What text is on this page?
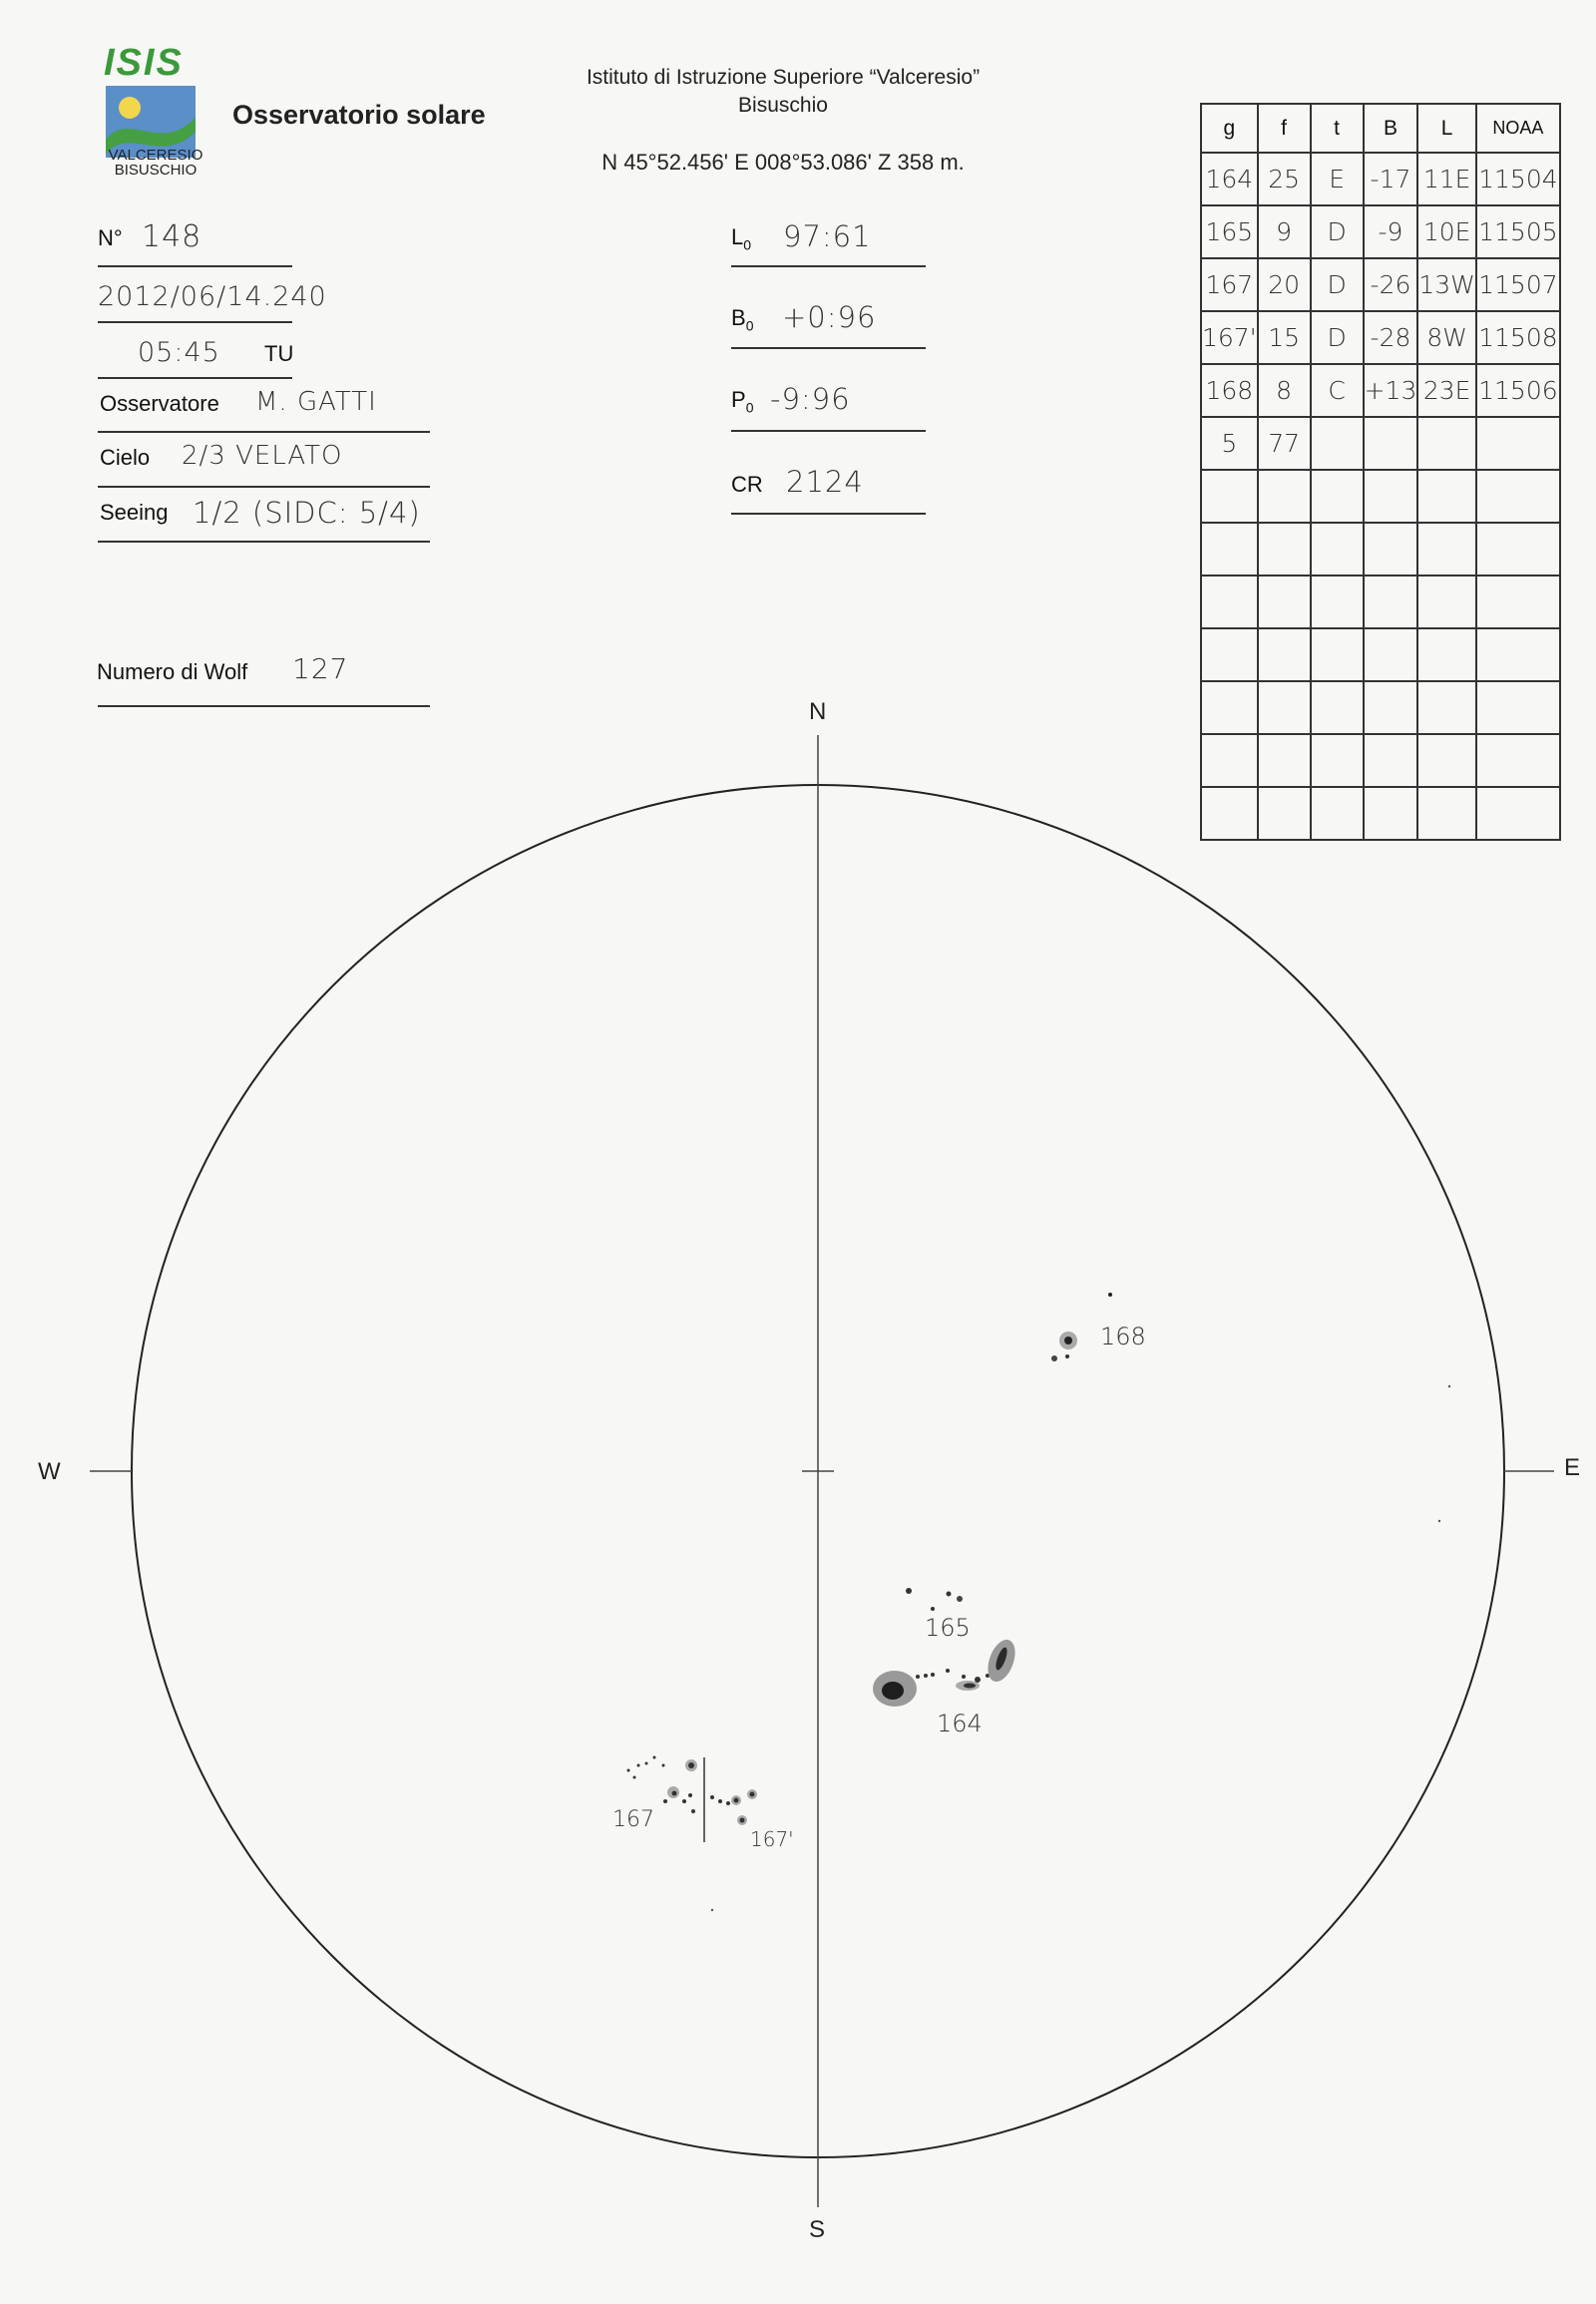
ISIS
VALCERESIO
BISUSCHIO
Osservatorio solare
Istituto di Istruzione Superiore “Valceresio”
Bisuschio
N 45°52.456' E 008°53.086' Z 358 m.
N° 148
2012/06/14.240
05:45 TU
Osservatore M. GATTI
Cielo 2/3 VELATO
Seeing 1/2 (SIDC: 5/4)
Numero di Wolf 127
$L_0$ 97:61
$B_0$ +0:96
$P_0$ -9:96
CR 2124
g	f	t	B	L	NOAA
164	25	E	-17	11E	11504
165	9	D	-9	10E	11505
167	20	D	-26	13W	11507
167'	15	D	-28	8W	11508
168	8	C	+13	23E	11506
5	77				

N
S
W	E
168
165
164
167
167'
